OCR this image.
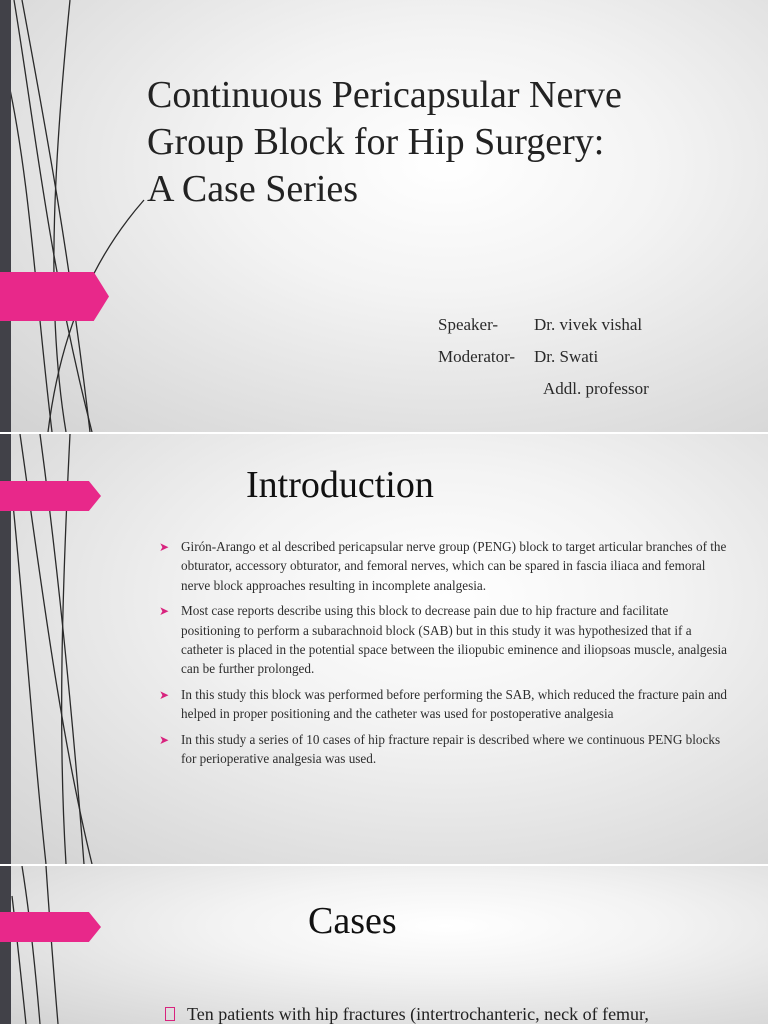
Continuous Pericapsular Nerve
Group Block for Hip Surgery:
A Case Series
Speaker- Dr. vivek vishal
Moderator- Dr. Swati
Addl. professor
Introduction
➤ Girón-Arango et al described pericapsular nerve group (PENG) block to target articular branches of the obturator, accessory obturator, and femoral nerves, which can be spared in fascia iliaca and femoral nerve block approaches resulting in incomplete analgesia.
➤ Most case reports describe using this block to decrease pain due to hip fracture and facilitate positioning to perform a subarachnoid block (SAB) but in this study it was hypothesized that if a catheter is placed in the potential space between the iliopubic eminence and iliopsoas muscle, analgesia can be further prolonged.
➤ In this study this block was performed before performing the SAB, which reduced the fracture pain and helped in proper positioning and the catheter was used for postoperative analgesia
➤ In this study a series of 10 cases of hip fracture repair is described where we continuous PENG blocks for perioperative analgesia was used.
Cases
Ten patients with hip fractures (intertrochanteric, neck of femur,
